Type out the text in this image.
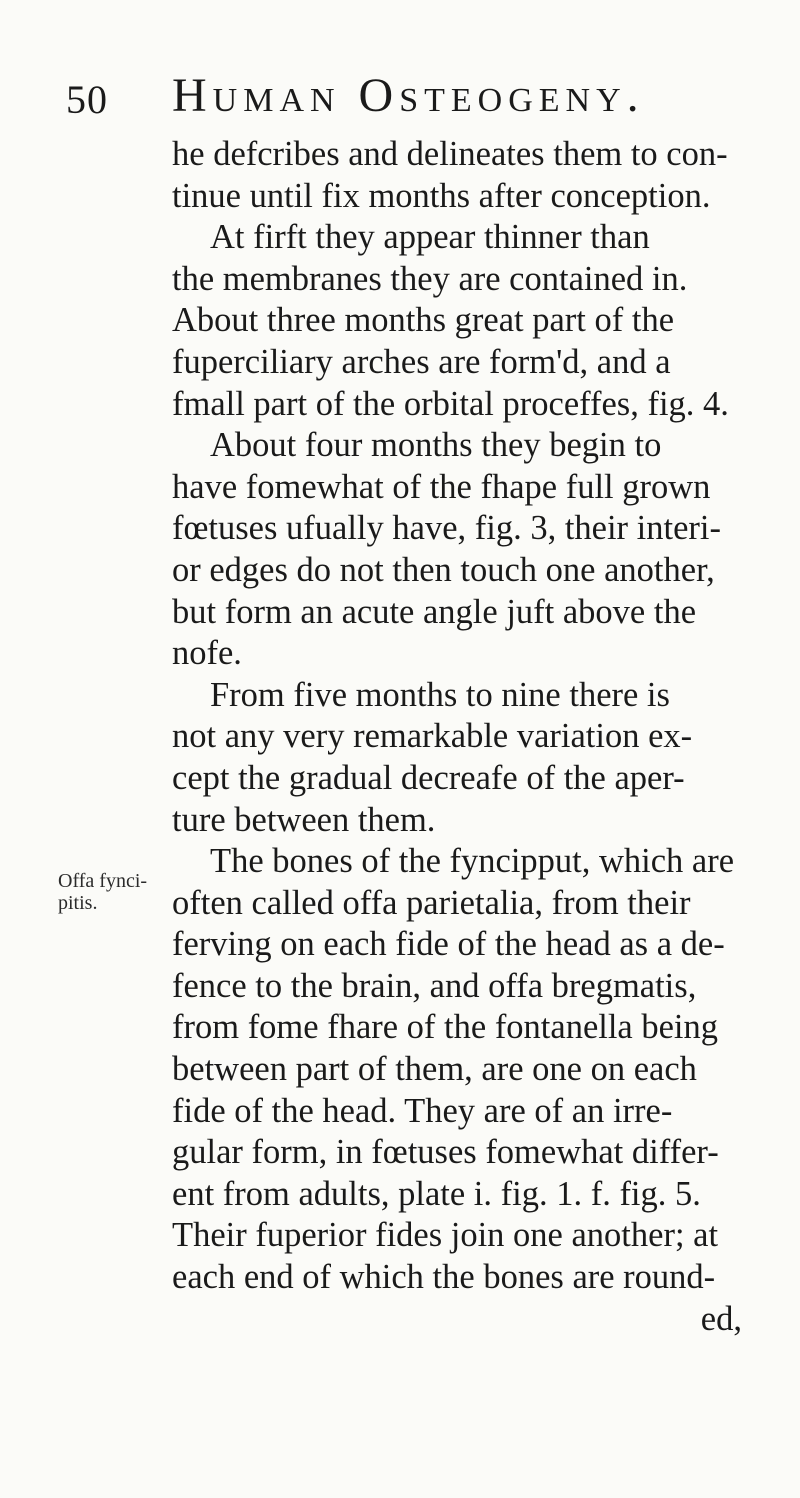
50 Human Osteogeny.
Offa fynci-
pitis.
he defcribes and delineates them to con-
tinue until fix months after conception.
At firft they appear thinner than
the membranes they are contained in.
About three months great part of the
fuperciliary arches are form'd, and a
fmall part of the orbital proceffes, fig. 4.
About four months they begin to
have fomewhat of the fhape full grown
fœtuses ufually have, fig. 3, their interi-
or edges do not then touch one another,
but form an acute angle juft above the
nofe.
From five months to nine there is
not any very remarkable variation ex-
cept the gradual decreafe of the aper-
ture between them.
The bones of the fyncipput, which are
often called offa parietalia, from their
ferving on each fide of the head as a de-
fence to the brain, and offa bregmatis,
from fome fhare of the fontanella being
between part of them, are one on each
fide of the head. They are of an irre-
gular form, in fœtuses fomewhat differ-
ent from adults, plate i. fig. 1. f. fig. 5.
Their fuperior fides join one another; at
each end of which the bones are round-
ed,
